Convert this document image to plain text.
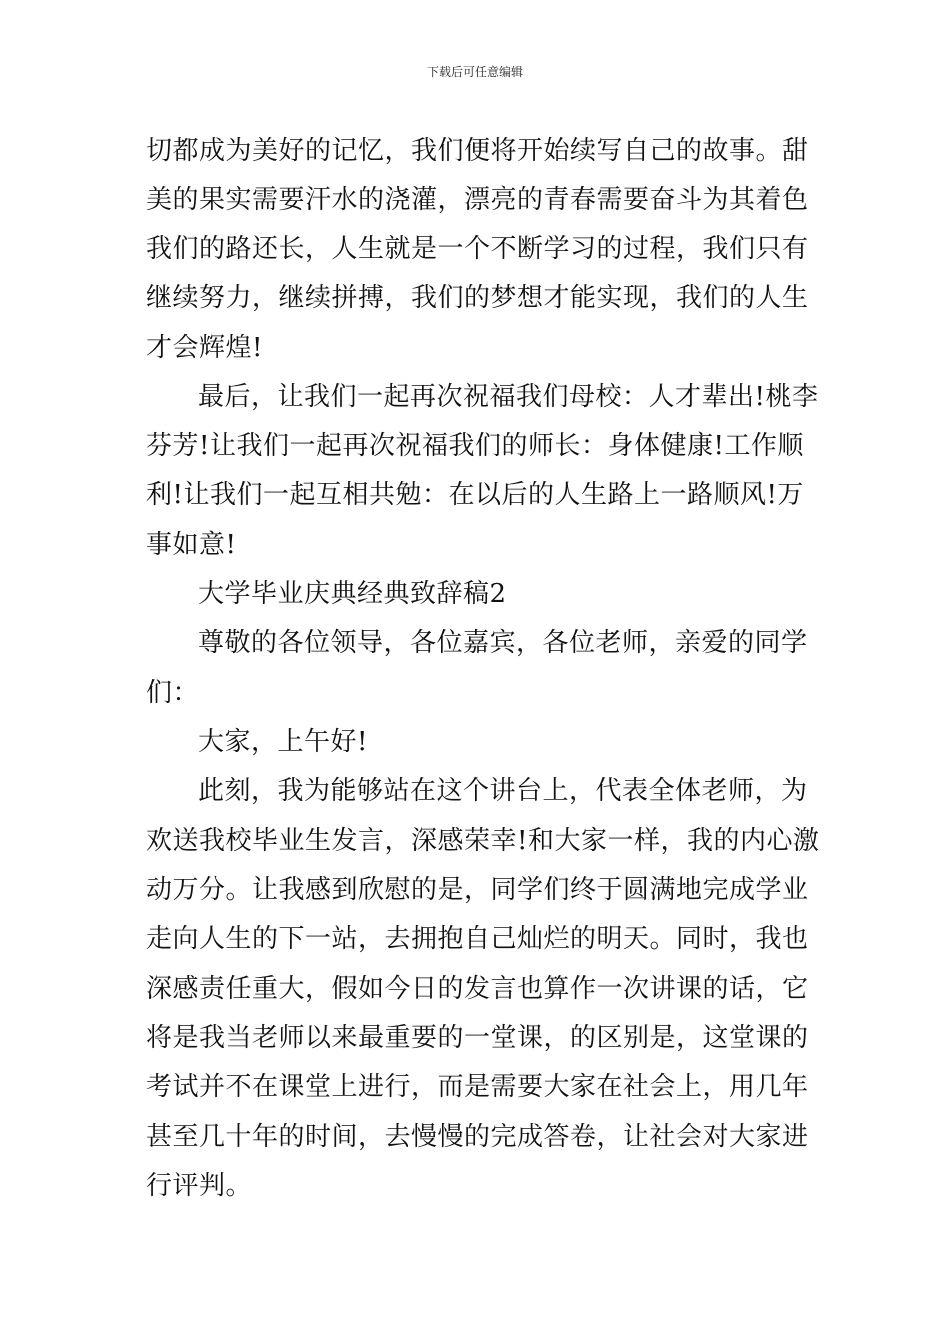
下载后可任意编辑
切都成为美好的记忆，我们便将开始续写自己的故事。甜
美的果实需要汗水的浇灌，漂亮的青春需要奋斗为其着色
我们的路还长，人生就是一个不断学习的过程，我们只有
继续努力，继续拼搏，我们的梦想才能实现，我们的人生
才会辉煌!
最后，让我们一起再次祝福我们母校：人才辈出!桃李
芬芳!让我们一起再次祝福我们的师长：身体健康!工作顺
利!让我们一起互相共勉：在以后的人生路上一路顺风!万
事如意!
大学毕业庆典经典致辞稿2
尊敬的各位领导，各位嘉宾，各位老师，亲爱的同学
们：
大家，上午好!
此刻，我为能够站在这个讲台上，代表全体老师，为
欢送我校毕业生发言，深感荣幸!和大家一样，我的内心激
动万分。让我感到欣慰的是，同学们终于圆满地完成学业
走向人生的下一站，去拥抱自己灿烂的明天。同时，我也
深感责任重大，假如今日的发言也算作一次讲课的话，它
将是我当老师以来最重要的一堂课，的区别是，这堂课的
考试并不在课堂上进行，而是需要大家在社会上，用几年
甚至几十年的时间，去慢慢的完成答卷，让社会对大家进
行评判。
